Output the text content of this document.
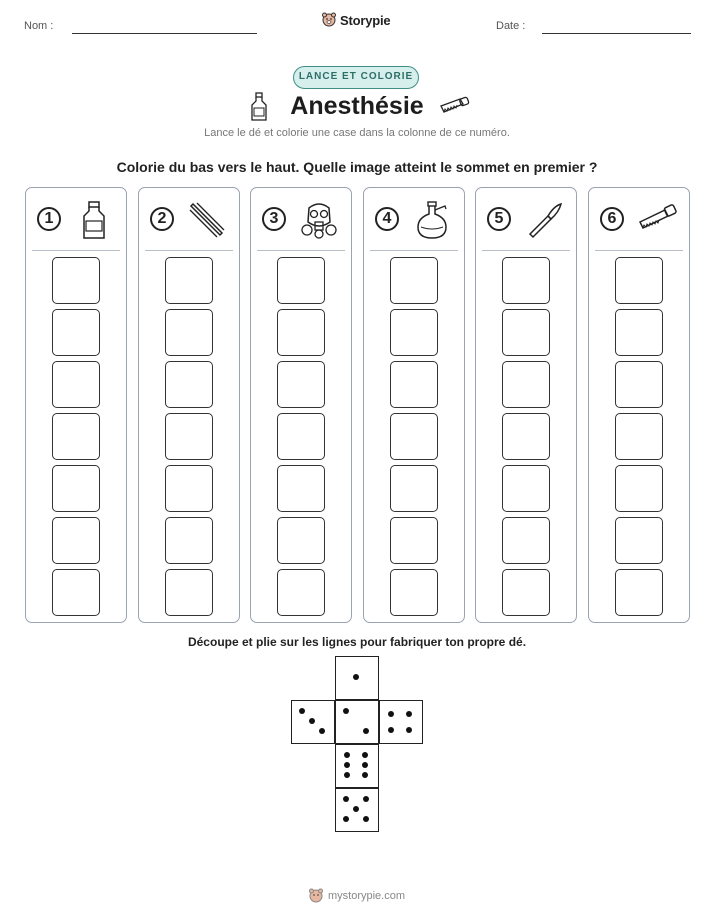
Nom :	Storypie	Date :
LANCE ET COLORIE
Anesthésie
Lance le dé et colorie une case dans la colonne de ce numéro.
Colorie du bas vers le haut. Quelle image atteint le sommet en premier ?
1	2	3	4	5	6
Découpe et plie sur les lignes pour fabriquer ton propre dé.
mystorypie.com
